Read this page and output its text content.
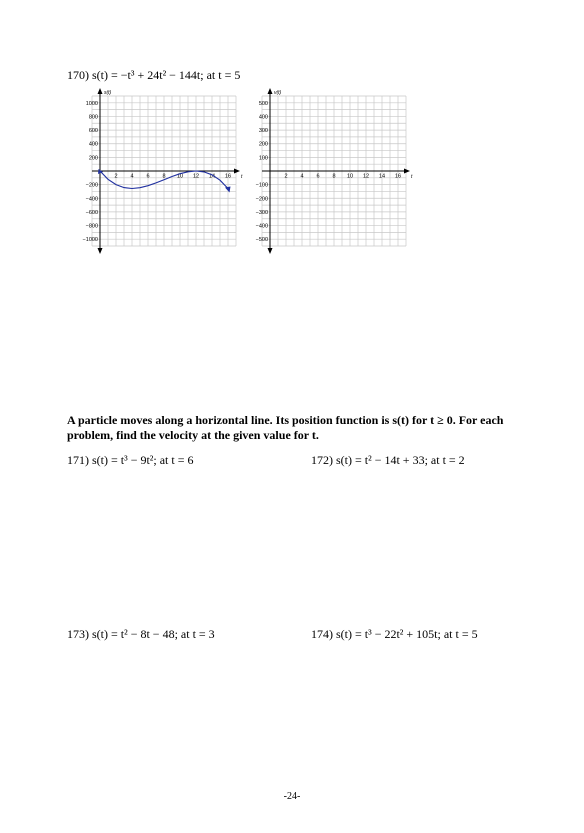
170) s(t) = −t³ + 24t² − 144t; at t = 5
s(t)
t
2 4 6 8 10 12 14 16
1000
800
600
400
200
−200
−400
−600
−800
−1000
v(t)
t
2 4 6 8 10 12 14 16
500
400
300
200
100
−100
−200
−300
−400
−500
A particle moves along a horizontal line. Its position function is s(t) for t ≥ 0. For each problem, find the velocity at the given value for t.
171) s(t) = t³ − 9t²; at t = 6	172) s(t) = t² − 14t + 33; at t = 2
173) s(t) = t² − 8t − 48; at t = 3	174) s(t) = t³ − 22t² + 105t; at t = 5
-24-
